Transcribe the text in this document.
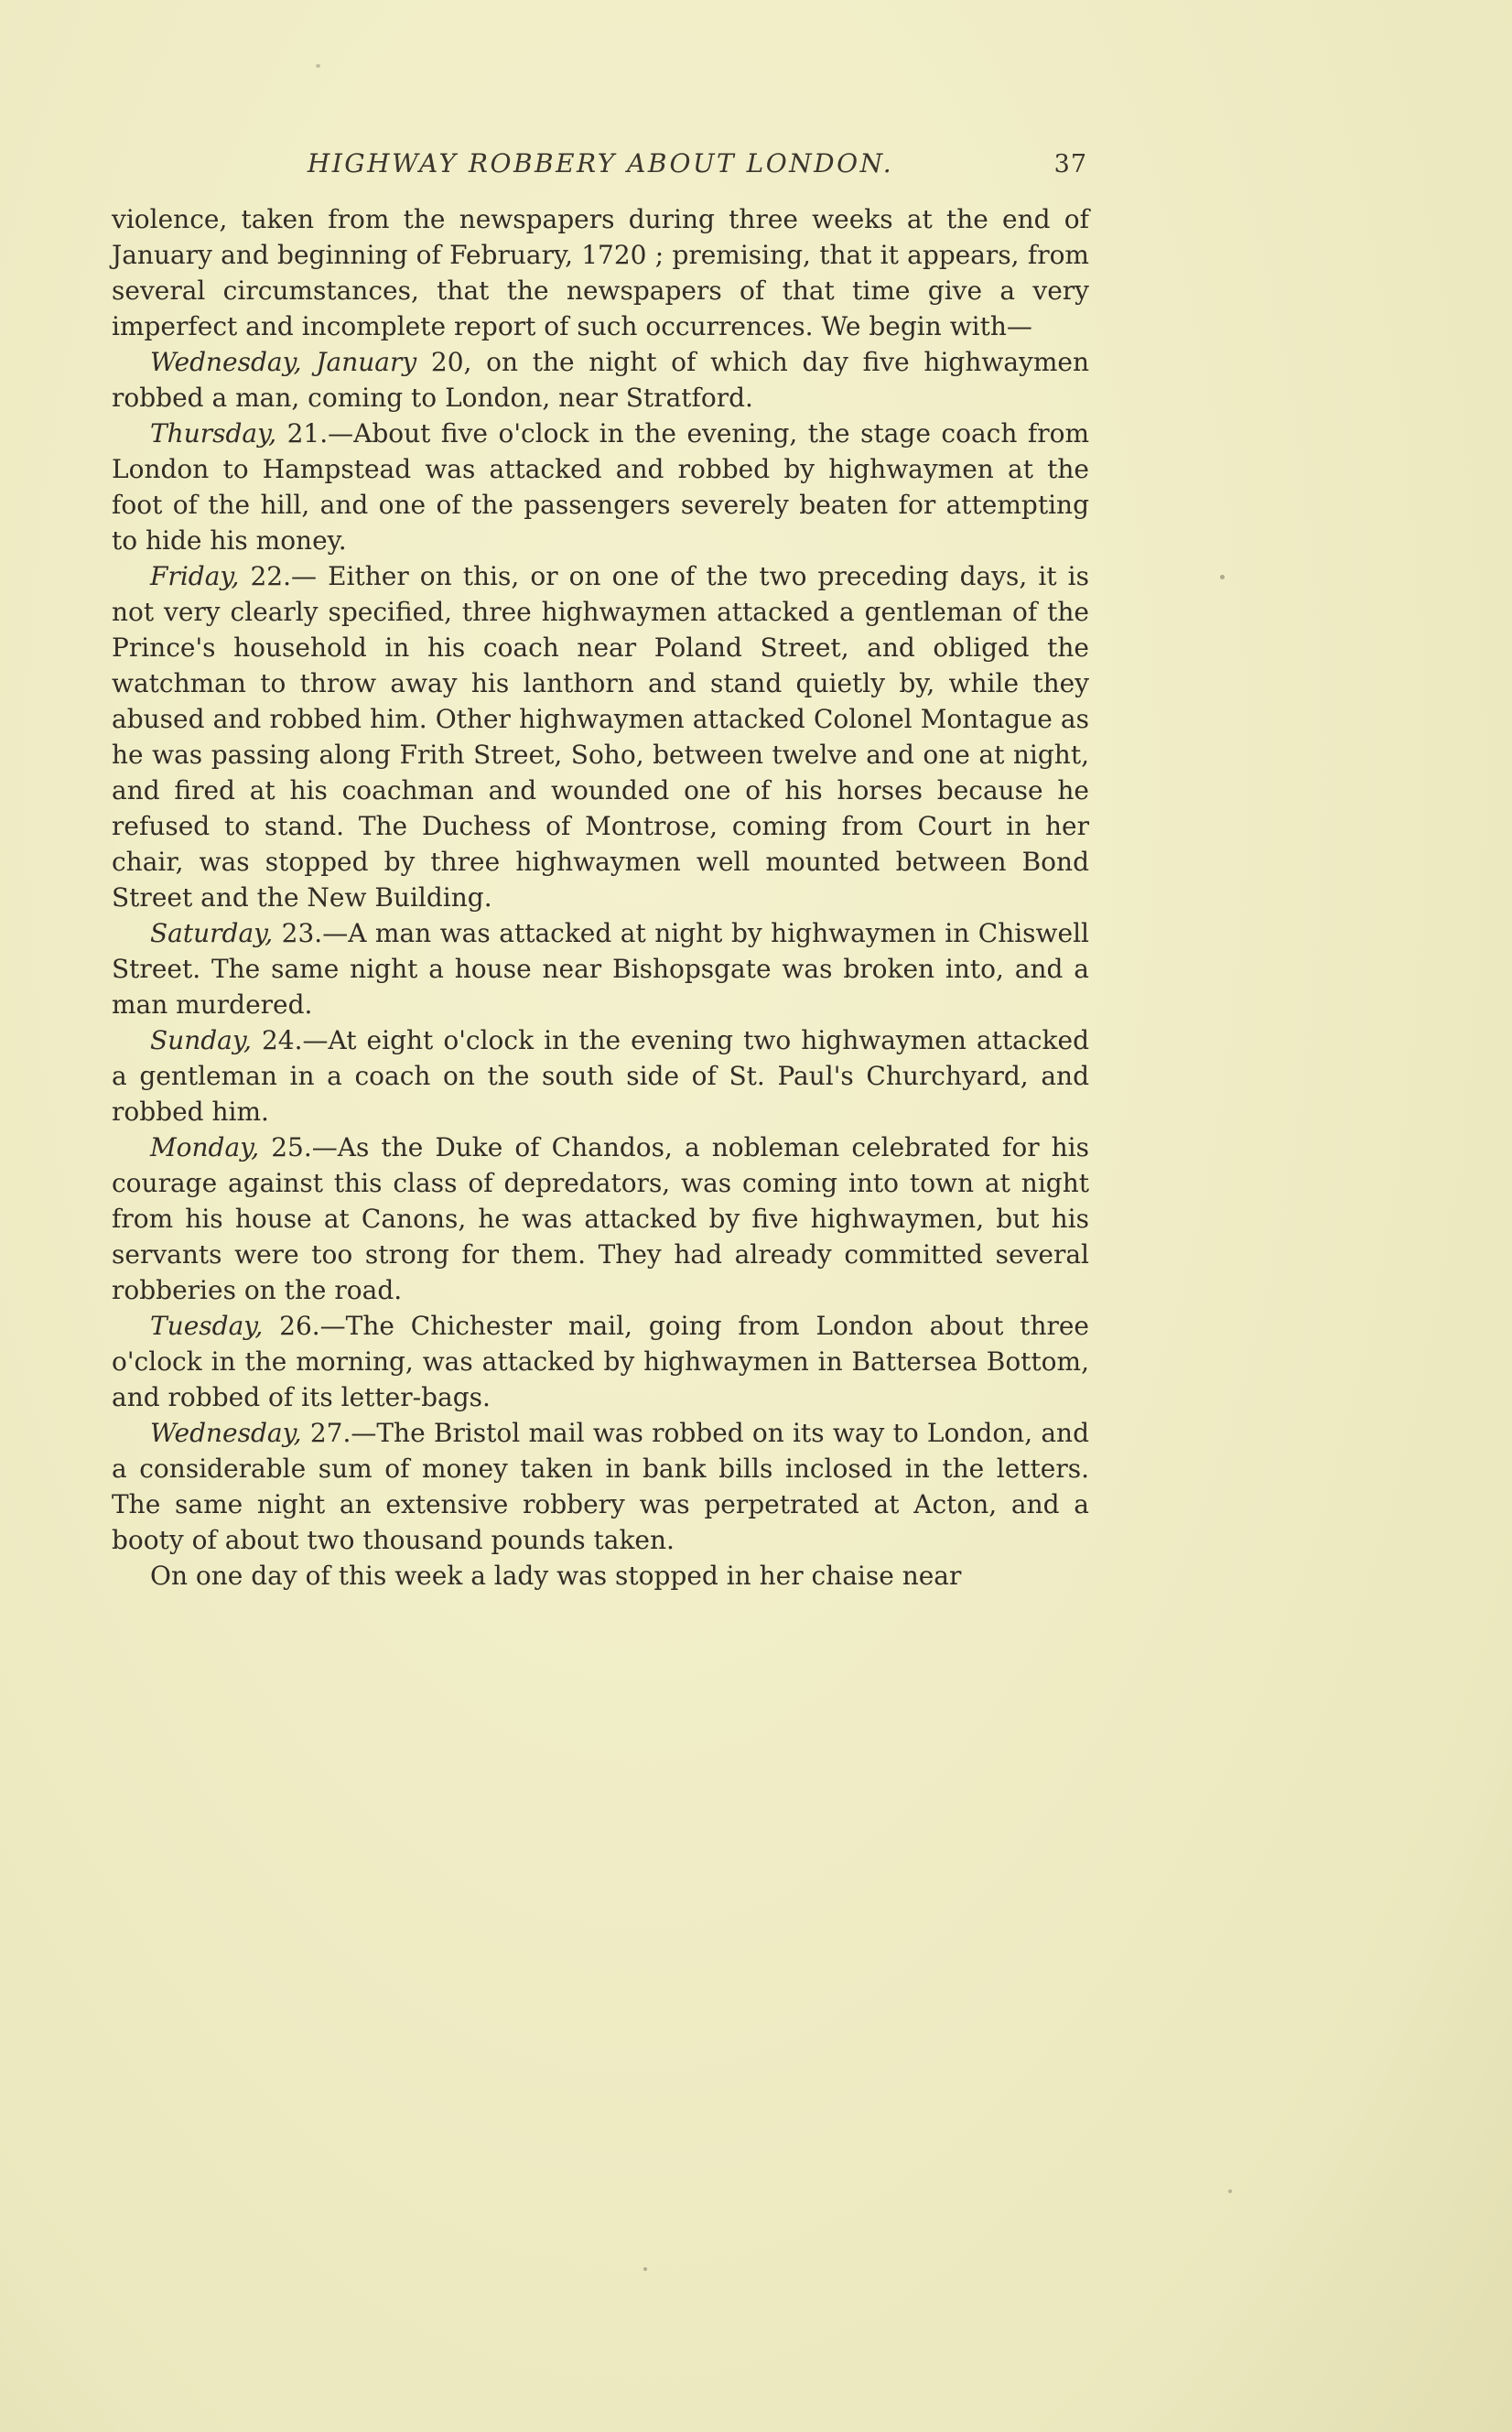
HIGHWAY ROBBERY ABOUT LONDON.	37

violence, taken from the newspapers during three weeks at the end of January and beginning of February, 1720 ; premising, that it appears, from several circumstances, that the newspapers of that time give a very imperfect and incomplete report of such occurrences. We begin with—

Wednesday, January 20, on the night of which day five highwaymen robbed a man, coming to London, near Stratford.

Thursday, 21.—About five o'clock in the evening, the stage coach from London to Hampstead was attacked and robbed by highwaymen at the foot of the hill, and one of the passengers severely beaten for attempting to hide his money.

Friday, 22.— Either on this, or on one of the two preceding days, it is not very clearly specified, three highwaymen attacked a gentleman of the Prince's household in his coach near Poland Street, and obliged the watchman to throw away his lanthorn and stand quietly by, while they abused and robbed him. Other highwaymen attacked Colonel Montague as he was passing along Frith Street, Soho, between twelve and one at night, and fired at his coachman and wounded one of his horses because he refused to stand. The Duchess of Montrose, coming from Court in her chair, was stopped by three highwaymen well mounted between Bond Street and the New Building.

Saturday, 23.—A man was attacked at night by highwaymen in Chiswell Street. The same night a house near Bishopsgate was broken into, and a man murdered.

Sunday, 24.—At eight o'clock in the evening two highwaymen attacked a gentleman in a coach on the south side of St. Paul's Churchyard, and robbed him.

Monday, 25.—As the Duke of Chandos, a nobleman celebrated for his courage against this class of depredators, was coming into town at night from his house at Canons, he was attacked by five highwaymen, but his servants were too strong for them. They had already committed several robberies on the road.

Tuesday, 26.—The Chichester mail, going from London about three o'clock in the morning, was attacked by highwaymen in Battersea Bottom, and robbed of its letter-bags.

Wednesday, 27.—The Bristol mail was robbed on its way to London, and a considerable sum of money taken in bank bills inclosed in the letters. The same night an extensive robbery was perpetrated at Acton, and a booty of about two thousand pounds taken.

On one day of this week a lady was stopped in her chaise near
